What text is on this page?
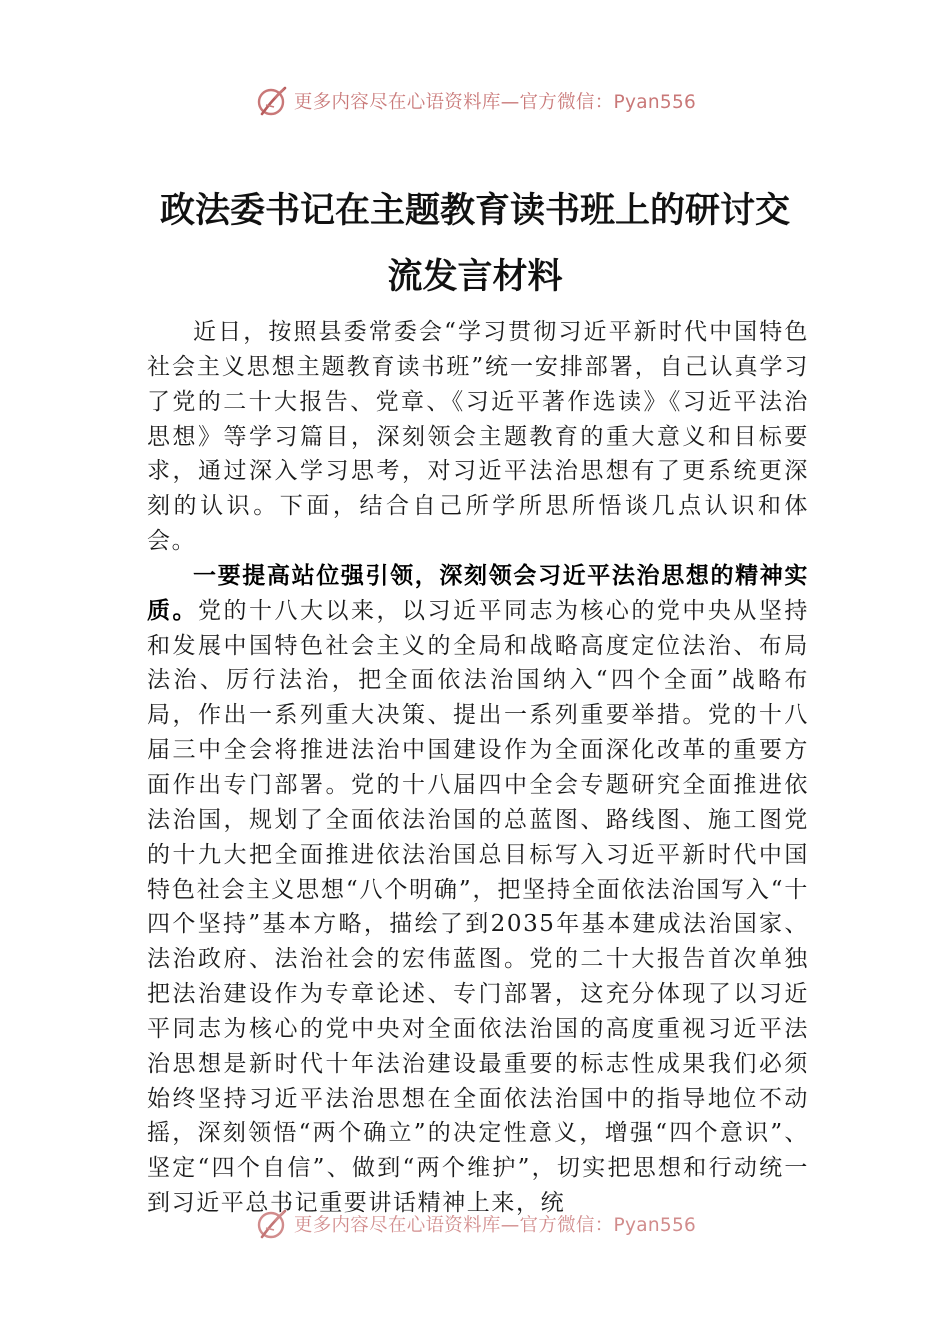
更多内容尽在心语资料库—官方微信：Pyan556
政法委书记在主题教育读书班上的研讨交
流发言材料

近日，按照县委常委会“学习贯彻习近平新时代中国特色社会主义思想主题教育读书班”统一安排部署，自己认真学习了党的二十大报告、党章、《习近平著作选读》《习近平法治思想》等学习篇目，深刻领会主题教育的重大意义和目标要求，通过深入学习思考，对习近平法治思想有了更系统更深刻的认识。下面，结合自己所学所思所悟谈几点认识和体会。

一要提高站位强引领，深刻领会习近平法治思想的精神实质。党的十八大以来，以习近平同志为核心的党中央从坚持和发展中国特色社会主义的全局和战略高度定位法治、布局法治、厉行法治，把全面依法治国纳入“四个全面”战略布局，作出一系列重大决策、提出一系列重要举措。党的十八届三中全会将推进法治中国建设作为全面深化改革的重要方面作出专门部署。党的十八届四中全会专题研究全面推进依法治国，规划了全面依法治国的总蓝图、路线图、施工图党的十九大把全面推进依法治国总目标写入习近平新时代中国特色社会主义思想“八个明确”，把坚持全面依法治国写入“十四个坚持”基本方略，描绘了到2035年基本建成法治国家、法治政府、法治社会的宏伟蓝图。党的二十大报告首次单独把法治建设作为专章论述、专门部署，这充分体现了以习近平同志为核心的党中央对全面依法治国的高度重视习近平法治思想是新时代十年法治建设最重要的标志性成果我们必须始终坚持习近平法治思想在全面依法治国中的指导地位不动摇，深刻领悟“两个确立”的决定性意义，增强“四个意识”、坚定“四个自信”、做到“两个维护”，切实把思想和行动统一到习近平总书记重要讲话精神上来，统

更多内容尽在心语资料库—官方微信：Pyan556
